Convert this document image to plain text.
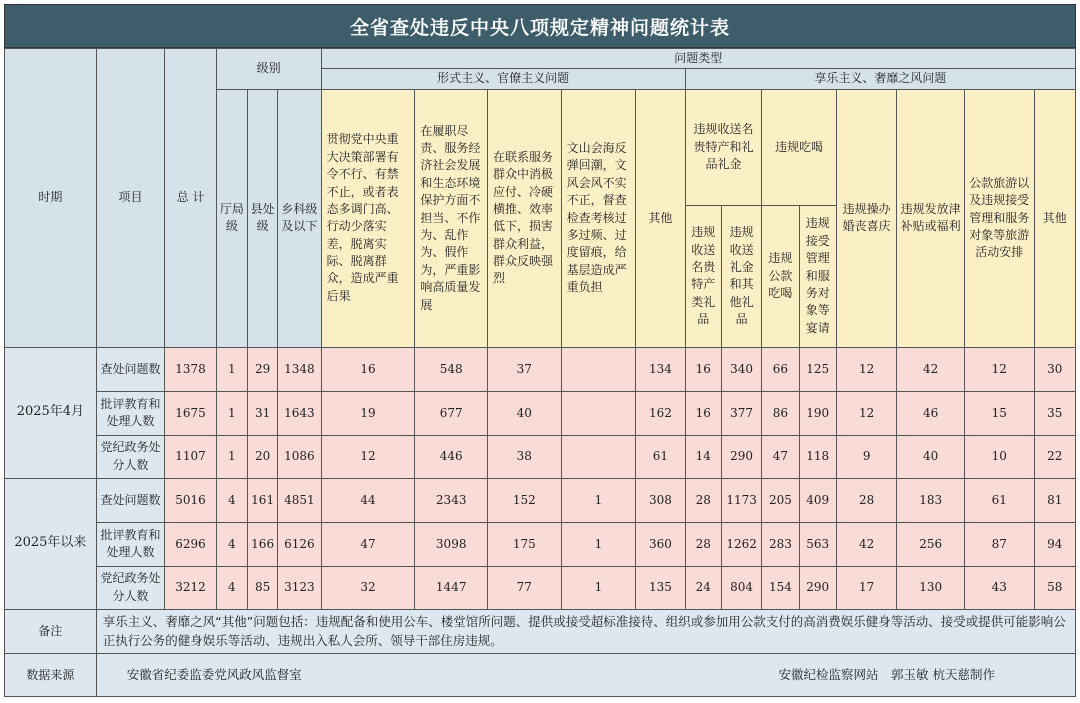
全省查处违反中央八项规定精神问题统计表
时期	项目	总 计	级别			问题类型												
						形式主义、官僚主义问题					享乐主义、奢靡之风问题							
			厅局级	县处级	乡科级及以下	贯彻党中央重大决策部署有令不行、有禁不止，或者表态多调门高、行动少落实差，脱离实际、脱离群众，造成严重后果	在履职尽责、服务经济社会发展和生态环境保护方面不担当、不作为、乱作为、假作为，严重影响高质量发展	在联系服务群众中消极应付、冷硬横推、效率低下，损害群众利益，群众反映强烈	文山会海反弹回潮，文风会风不实不正，督查检查考核过多过频、过度留痕，给基层造成严重负担	其他	违规收送名贵特产和礼品礼金		违规吃喝		违规操办婚丧喜庆	违规发放津补贴或福利	公款旅游以及违规接受管理和服务对象等旅游活动安排	其他
											违规收送名贵特产类礼品	违规收送礼金和其他礼品	违规公款吃喝	违规接受管理和服务对象等宴请				
2025年4月	查处问题数	1378	1	29	1348	16	548	37		134	16	340	66	125	12	42	12	30
	批评教育和处理人数	1675	1	31	1643	19	677	40		162	16	377	86	190	12	46	15	35
	党纪政务处分人数	1107	1	20	1086	12	446	38		61	14	290	47	118	9	40	10	22
2025年以来	查处问题数	5016	4	161	4851	44	2343	152	1	308	28	1173	205	409	28	183	61	81
	批评教育和处理人数	6296	4	166	6126	47	3098	175	1	360	28	1262	283	563	42	256	87	94
	党纪政务处分人数	3212	4	85	3123	32	1447	77	1	135	24	804	154	290	17	130	43	58
备注	享乐主义、奢靡之风“其他”问题包括：违规配备和使用公车、楼堂馆所问题、提供或接受超标准接待、组织或参加用公款支付的高消费娱乐健身等活动、接受或提供可能影响公正执行公务的健身娱乐等活动、违规出入私人会所、领导干部住房违规。																	
数据来源	安徽省纪委监委党风政风监督室 安徽纪检监察网站　郭玉敏 杭天慈制作																	
